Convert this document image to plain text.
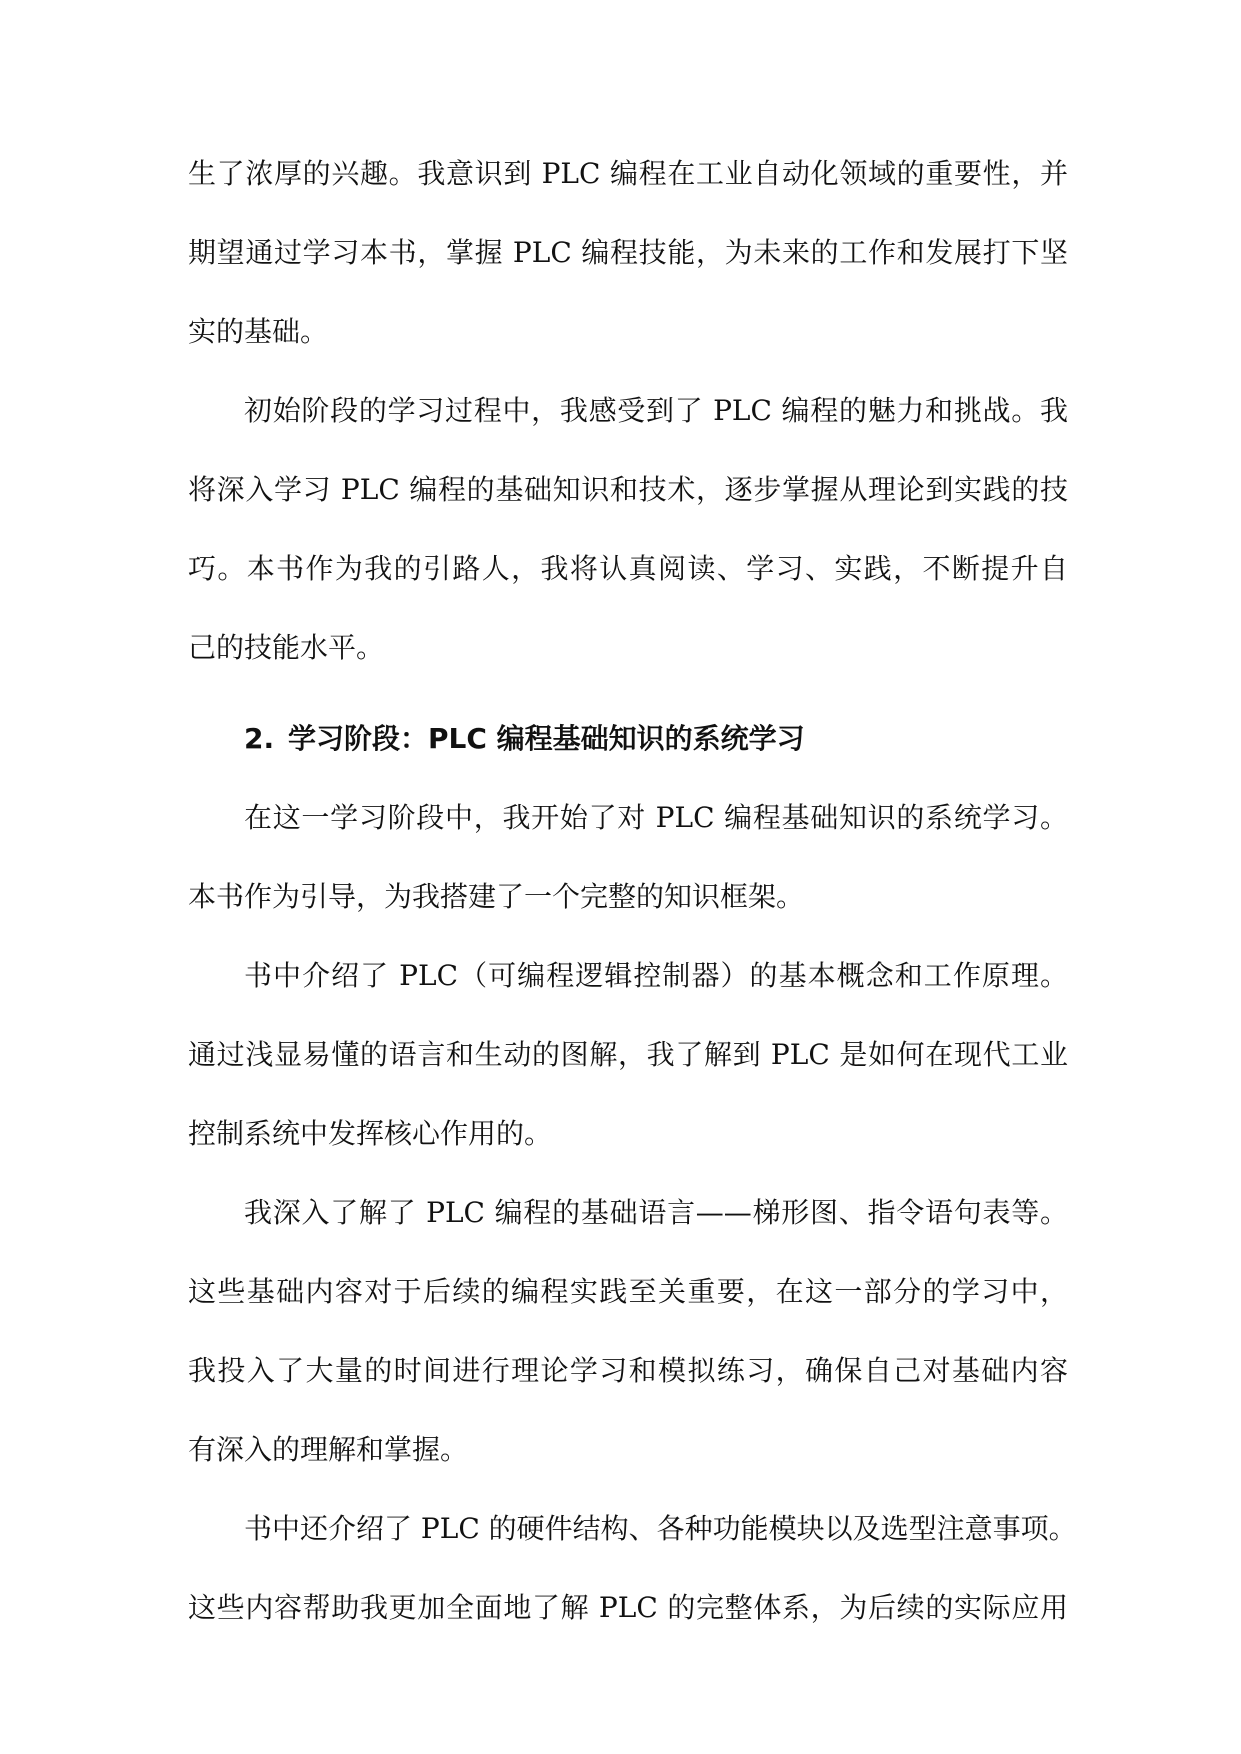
生了浓厚的兴趣。我意识到 PLC 编程在工业自动化领域的重要性，并
期望通过学习本书，掌握 PLC 编程技能，为未来的工作和发展打下坚
实的基础。
初始阶段的学习过程中，我感受到了 PLC 编程的魅力和挑战。我
将深入学习 PLC 编程的基础知识和技术，逐步掌握从理论到实践的技
巧。本书作为我的引路人，我将认真阅读、学习、实践，不断提升自
己的技能水平。
2. 学习阶段：PLC 编程基础知识的系统学习
在这一学习阶段中，我开始了对 PLC 编程基础知识的系统学习。
本书作为引导，为我搭建了一个完整的知识框架。
书中介绍了 PLC（可编程逻辑控制器）的基本概念和工作原理。
通过浅显易懂的语言和生动的图解，我了解到 PLC 是如何在现代工业
控制系统中发挥核心作用的。
我深入了解了 PLC 编程的基础语言——梯形图、指令语句表等。
这些基础内容对于后续的编程实践至关重要，在这一部分的学习中，
我投入了大量的时间进行理论学习和模拟练习，确保自己对基础内容
有深入的理解和掌握。
书中还介绍了 PLC 的硬件结构、各种功能模块以及选型注意事项。
这些内容帮助我更加全面地了解 PLC 的完整体系，为后续的实际应用
